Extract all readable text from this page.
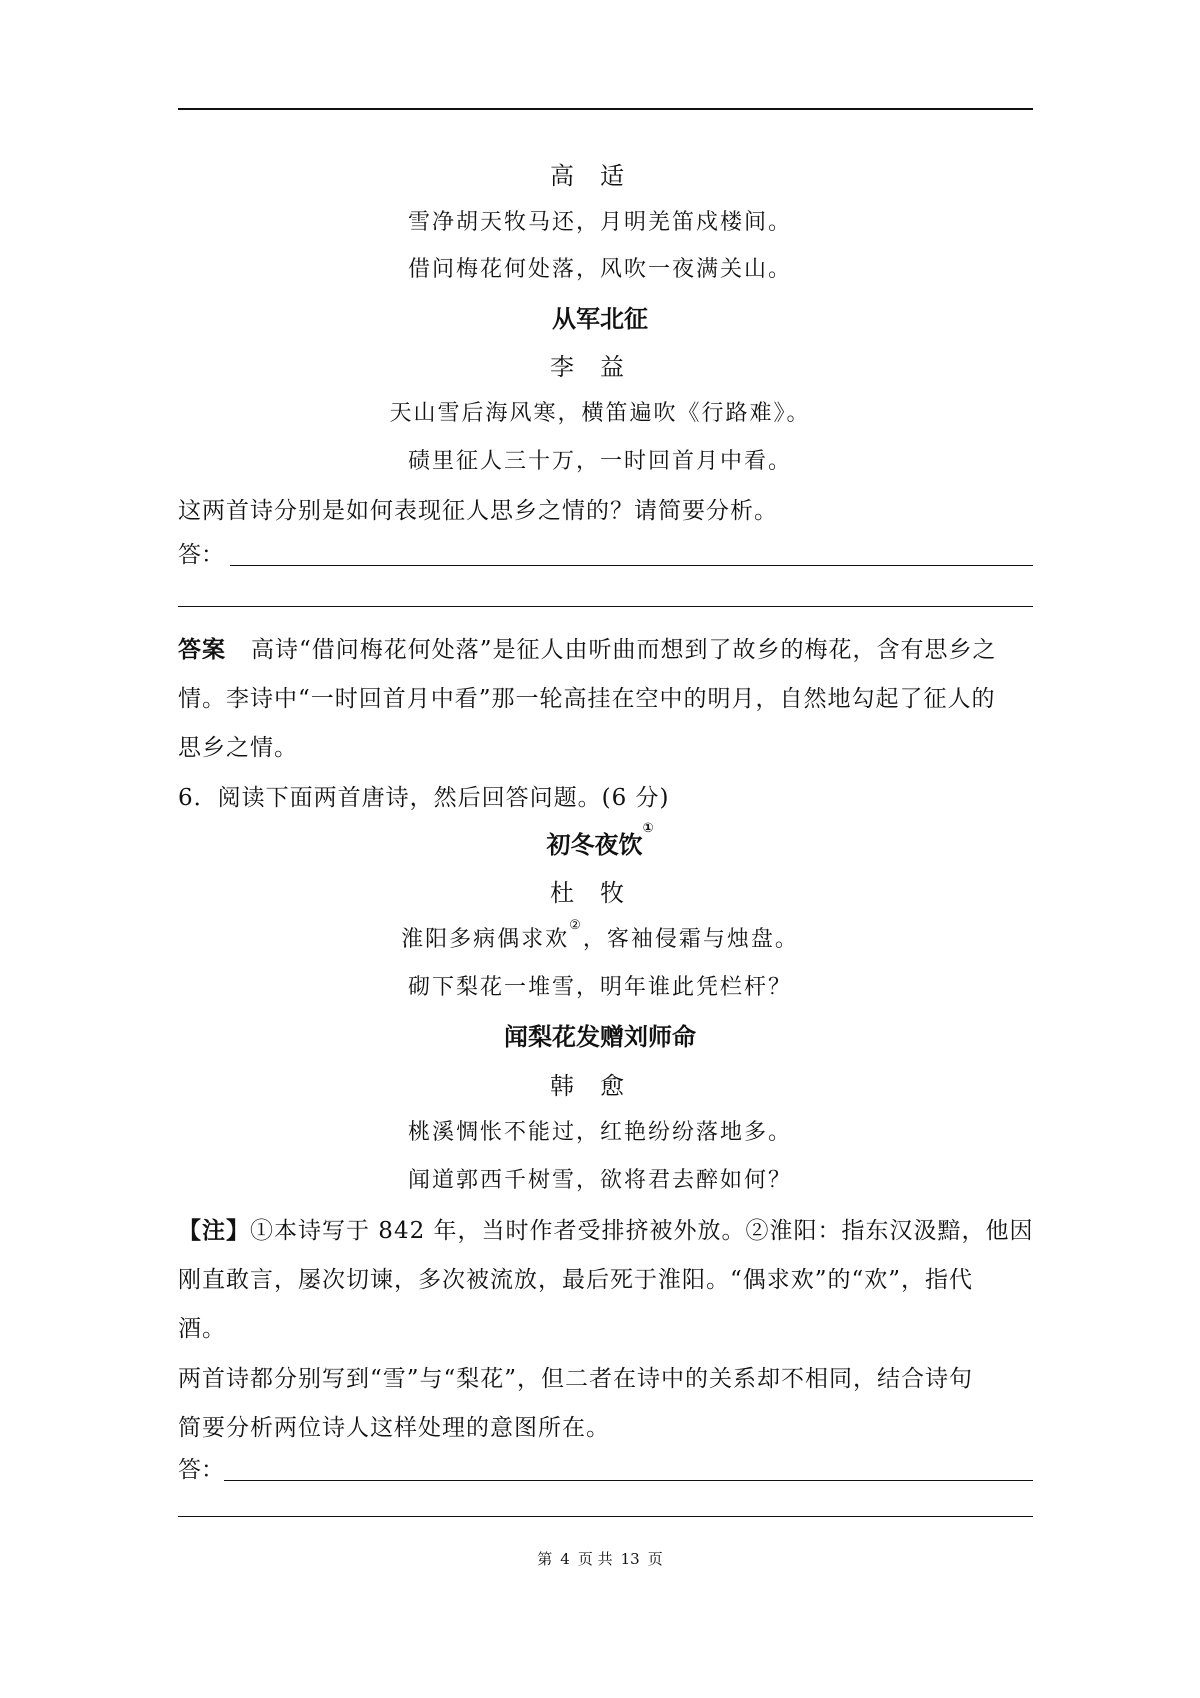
高适
雪净胡天牧马还，月明羌笛戍楼间。
借问梅花何处落，风吹一夜满关山。
从军北征
李益
天山雪后海风寒，横笛遍吹《行路难》。
碛里征人三十万，一时回首月中看。
这两首诗分别是如何表现征人思乡之情的？请简要分析。
答：
答案 高诗“借问梅花何处落”是征人由听曲而想到了故乡的梅花，含有思乡之
情。李诗中“一时回首月中看”那一轮高挂在空中的明月，自然地勾起了征人的
思乡之情。
6．阅读下面两首唐诗，然后回答问题。(6 分)
初冬夜饮①
杜牧
淮阳多病偶求欢②，客袖侵霜与烛盘。
砌下梨花一堆雪，明年谁此凭栏杆？
闻梨花发赠刘师命
韩愈
桃溪惆怅不能过，红艳纷纷落地多。
闻道郭西千树雪，欲将君去醉如何？
【注】①本诗写于 842 年，当时作者受排挤被外放。②淮阳：指东汉汲黯，他因
刚直敢言，屡次切谏，多次被流放，最后死于淮阳。“偶求欢”的“欢”，指代
酒。
两首诗都分别写到“雪”与“梨花”，但二者在诗中的关系却不相同，结合诗句
简要分析两位诗人这样处理的意图所在。
答：
第 4 页 共 13 页
